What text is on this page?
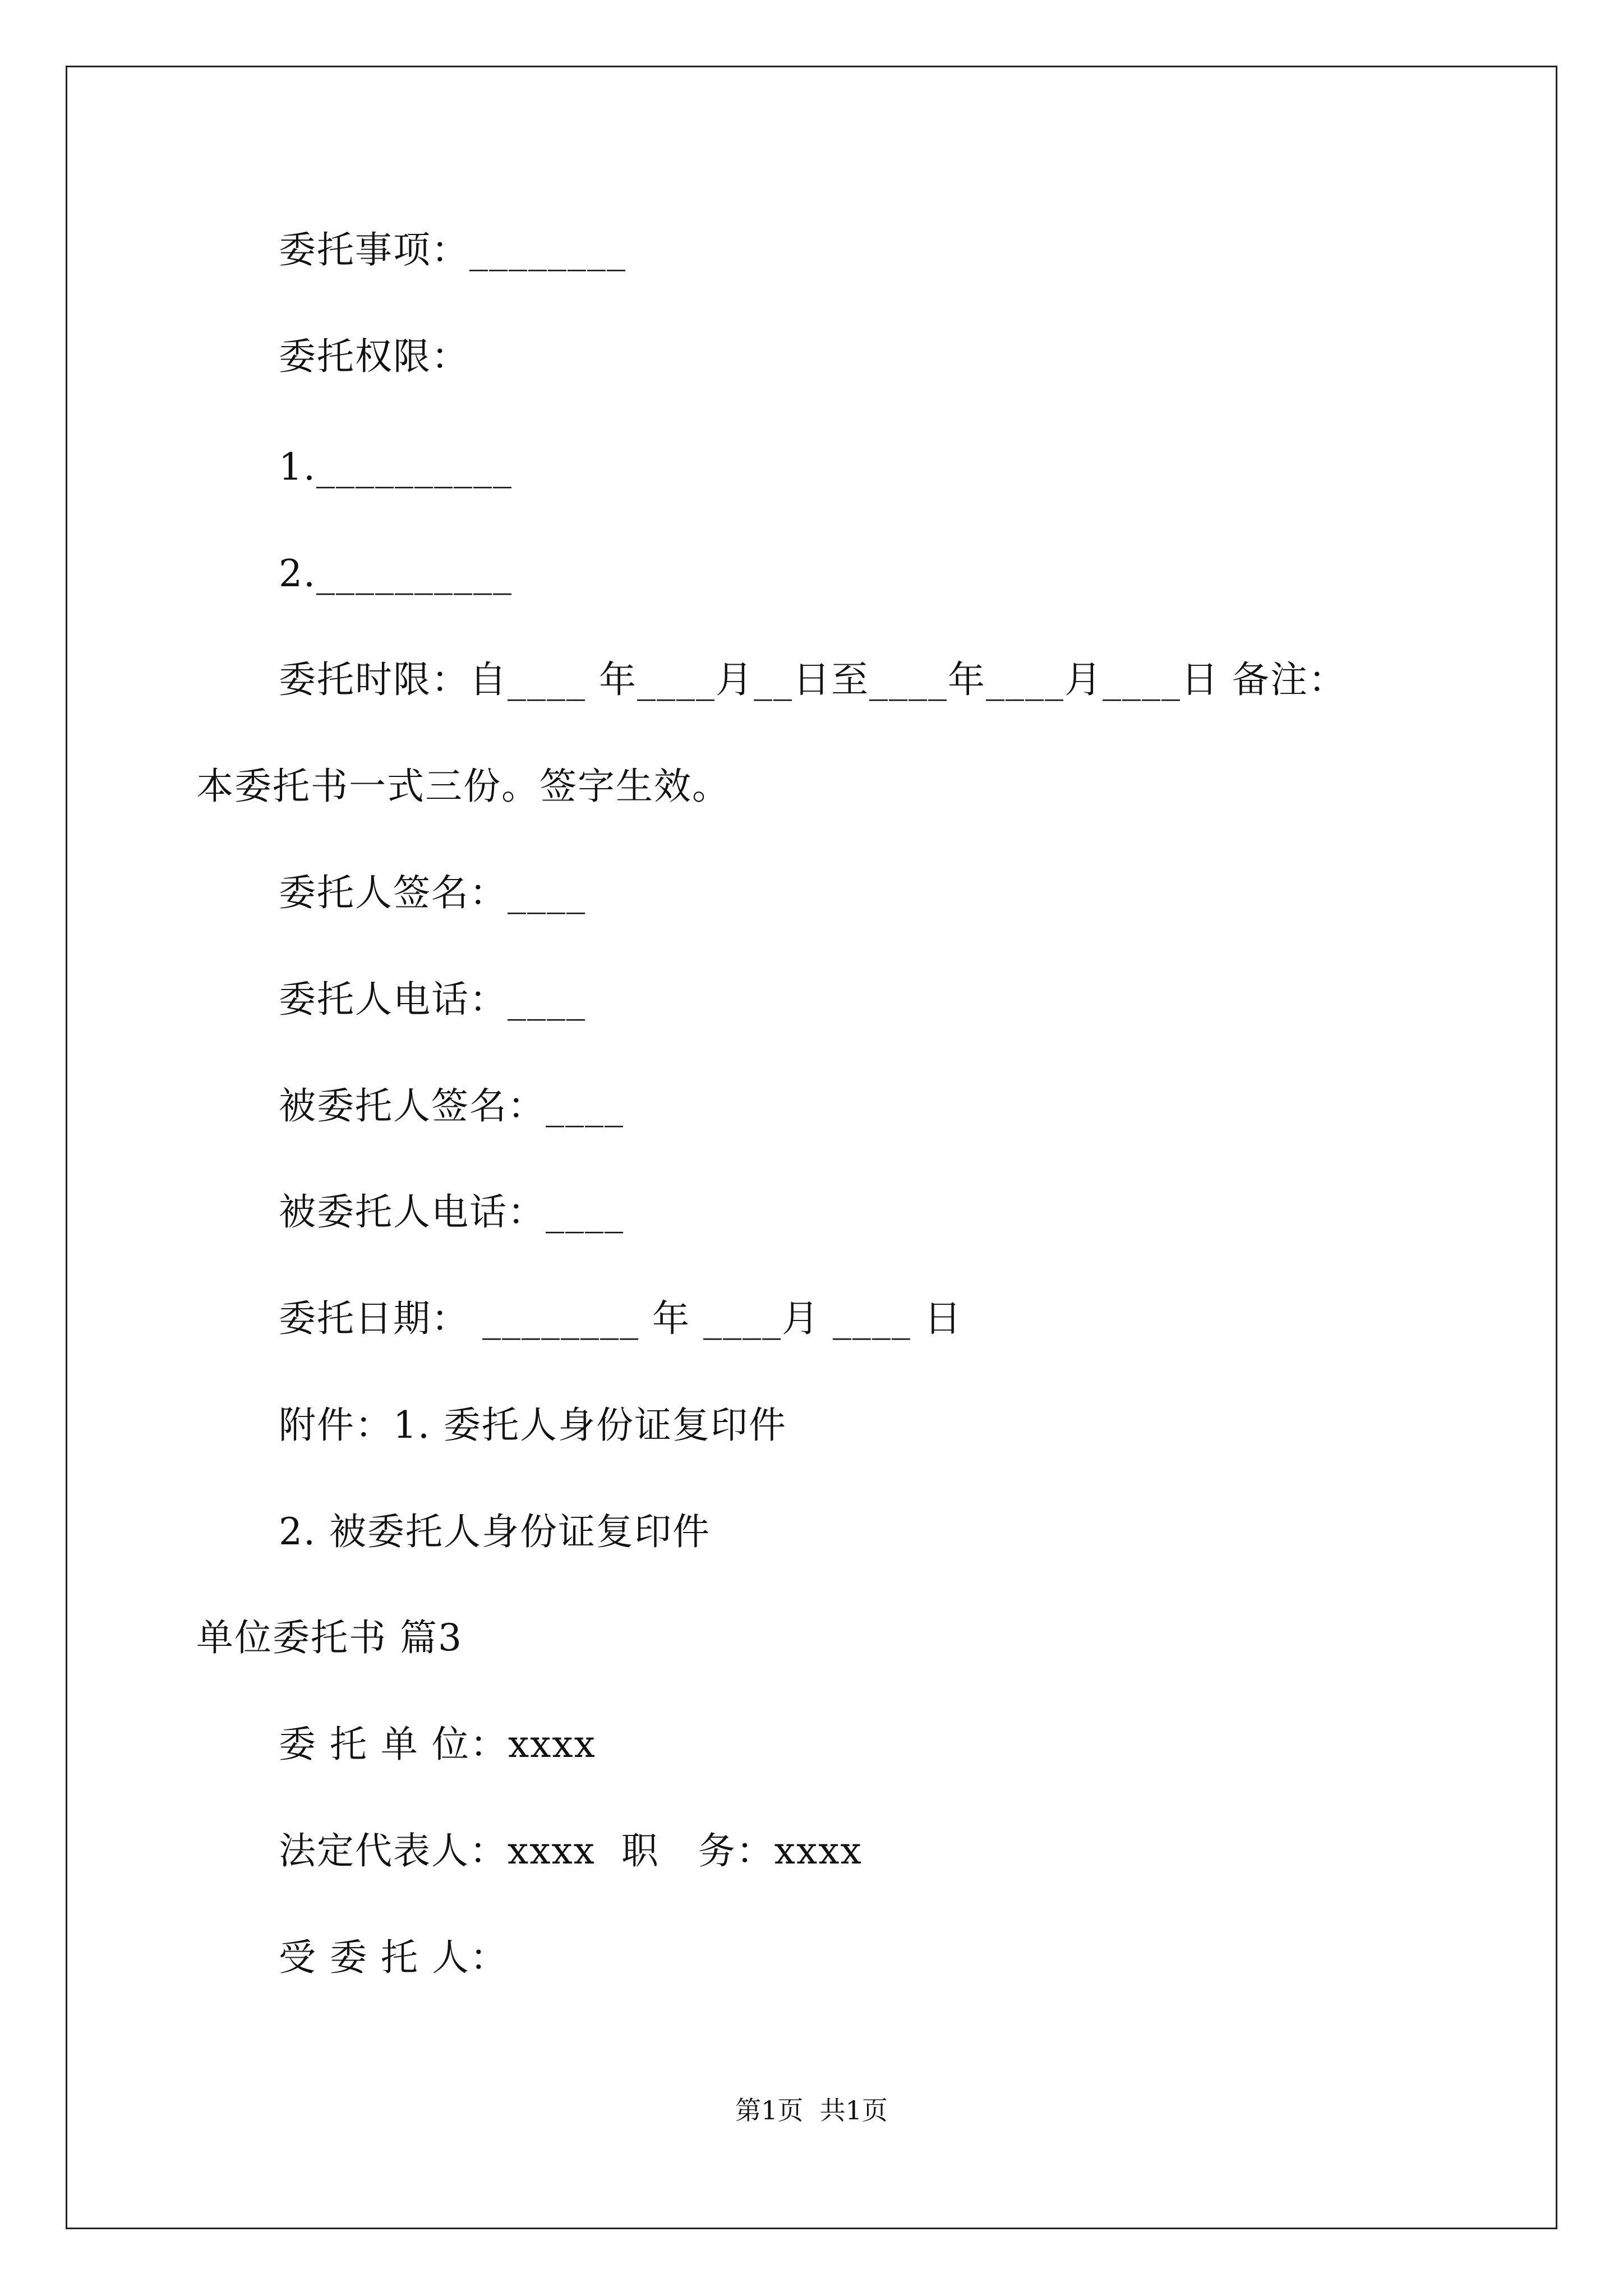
委托事项：________
委托权限：
1.__________
2.__________
委托时限：自____ 年____月__日至____年____月____日 备注：
本委托书一式三份。签字生效。
委托人签名：____
委托人电话：____
被委托人签名：____
被委托人电话：____
委托日期： ________ 年 ____月 ____ 日
附件：1. 委托人身份证复印件
2. 被委托人身份证复印件
单位委托书 篇3
委 托 单 位：xxxx
法定代表人：xxxx  职   务：xxxx
受 委 托 人：
第1页  共1页
